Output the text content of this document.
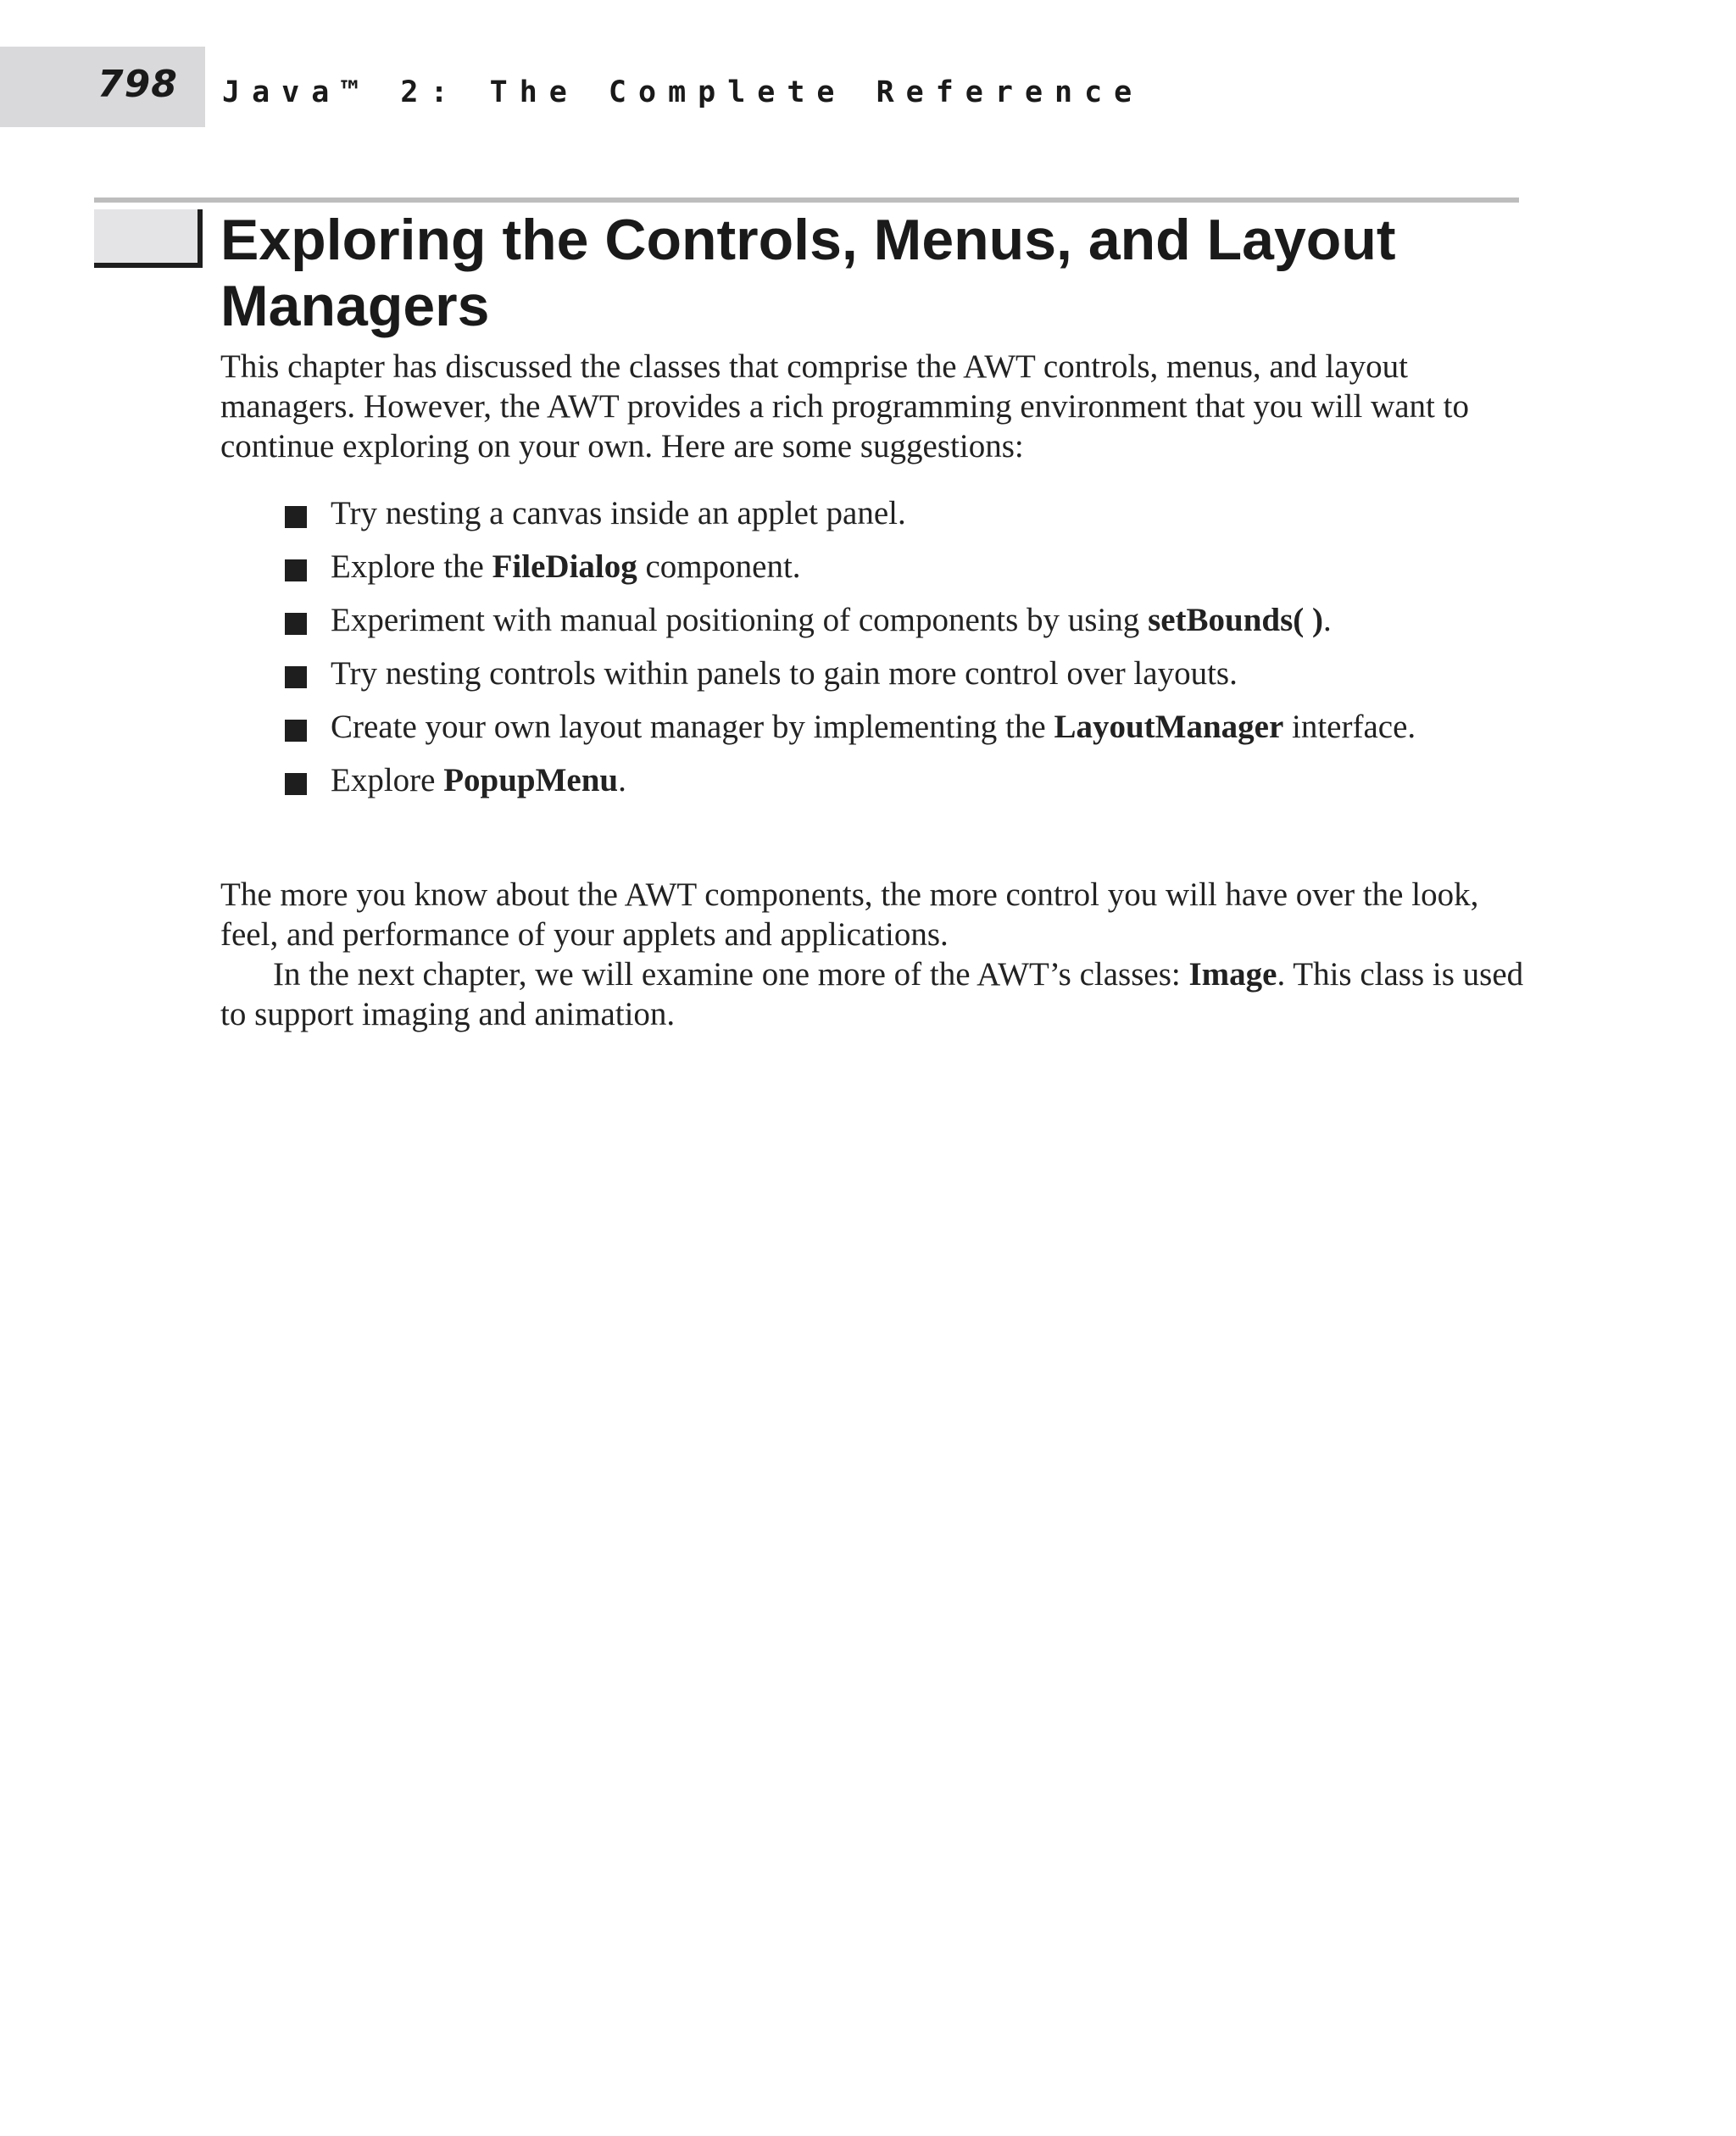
798 Java™ 2: The Complete Reference
Exploring the Controls, Menus, and Layout Managers
This chapter has discussed the classes that comprise the AWT controls, menus, and layout managers. However, the AWT provides a rich programming environment that you will want to continue exploring on your own. Here are some suggestions:
Try nesting a canvas inside an applet panel.
Explore the FileDialog component.
Experiment with manual positioning of components by using setBounds( ).
Try nesting controls within panels to gain more control over layouts.
Create your own layout manager by implementing the LayoutManager interface.
Explore PopupMenu.

The more you know about the AWT components, the more control you will have over the look, feel, and performance of your applets and applications.

In the next chapter, we will examine one more of the AWT’s classes: Image. This class is used to support imaging and animation.
